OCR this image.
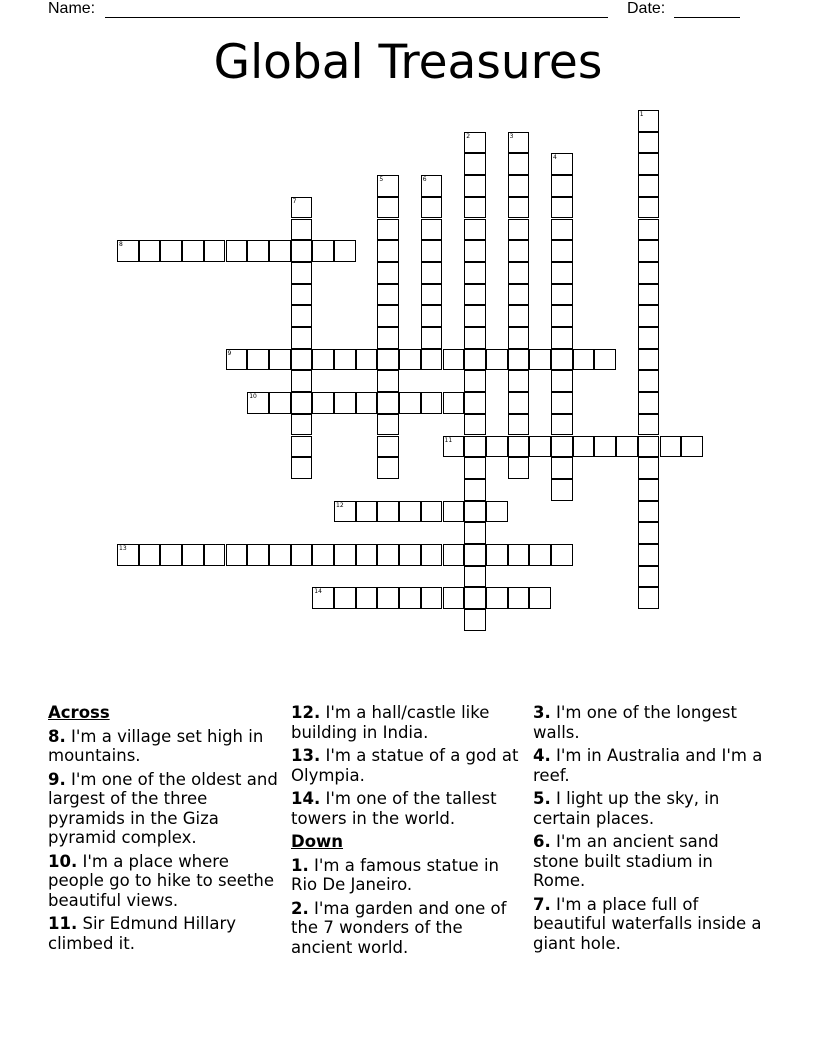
Name:	Date:
Global Treasures
1
2	3
4
5	6
7
8
9
10
11
12
13
14
Across
8. I'm a village set high in mountains.
9. I'm one of the oldest and largest of the three pyramids in the Giza pyramid complex.
10. I'm a place where people go to hike to seethe beautiful views.
11. Sir Edmund Hillary climbed it.
12. I'm a hall/castle like building in India.
13. I'm a statue of a god at Olympia.
14. I'm one of the tallest towers in the world.
Down
1. I'm a famous statue in Rio De Janeiro.
2. I'ma garden and one of the 7 wonders of the ancient world.
3. I'm one of the longest walls.
4. I'm in Australia and I'm a reef.
5. I light up the sky, in certain places.
6. I'm an ancient sand stone built stadium in Rome.
7. I'm a place full of beautiful waterfalls inside a giant hole.
